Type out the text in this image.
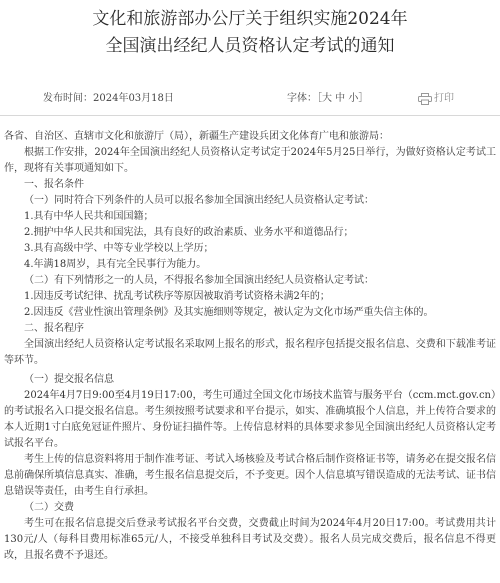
文化和旅游部办公厅关于组织实施2024年
全国演出经纪人员资格认定考试的通知
发布时间：2024年03月18日	字体：［大 中 小］	打印

各省、自治区、直辖市文化和旅游厅（局），新疆生产建设兵团文化体育广电和旅游局：

根据工作安排，2024年全国演出经纪人员资格认定考试定于2024年5月25日举行，为做好资格认定考试工作，现将有关事项通知如下。

一、报名条件

（一）同时符合下列条件的人员可以报名参加全国演出经纪人员资格认定考试：

1.具有中华人民共和国国籍；

2.拥护中华人民共和国宪法，具有良好的政治素质、业务水平和道德品行；

3.具有高级中学、中等专业学校以上学历；

4.年满18周岁，具有完全民事行为能力。

（二）有下列情形之一的人员，不得报名参加全国演出经纪人员资格认定考试：

1.因违反考试纪律、扰乱考试秩序等原因被取消考试资格未满2年的；

2.因违反《营业性演出管理条例》及其实施细则等规定，被认定为文化市场严重失信主体的。

二、报名程序

全国演出经纪人员资格认定考试报名采取网上报名的形式，报名程序包括提交报名信息、交费和下载准考证等环节。

（一）提交报名信息

2024年4月7日9:00至4月19日17:00，考生可通过全国文化市场技术监管与服务平台（ccm.mct.gov.cn）的考试报名入口提交报名信息。考生须按照考试要求和平台提示，如实、准确填报个人信息，并上传符合要求的本人近期1寸白底免冠证件照片、身份证扫描件等。上传信息材料的具体要求参见全国演出经纪人员资格认定考试报名平台。

考生上传的信息资料将用于制作准考证、考试入场核验及考试合格后制作资格证书等，请务必在提交报名信息前确保所填信息真实、准确，考生报名信息提交后，不予变更。因个人信息填写错误造成的无法考试、证书信息错误等责任，由考生自行承担。

（二）交费

考生可在报名信息提交后登录考试报名平台交费，交费截止时间为2024年4月20日17:00。考试费用共计130元/人（每科目费用标准65元/人，不接受单独科目考试及交费）。报名人员完成交费后，报名信息不得更改，且报名费不予退还。
